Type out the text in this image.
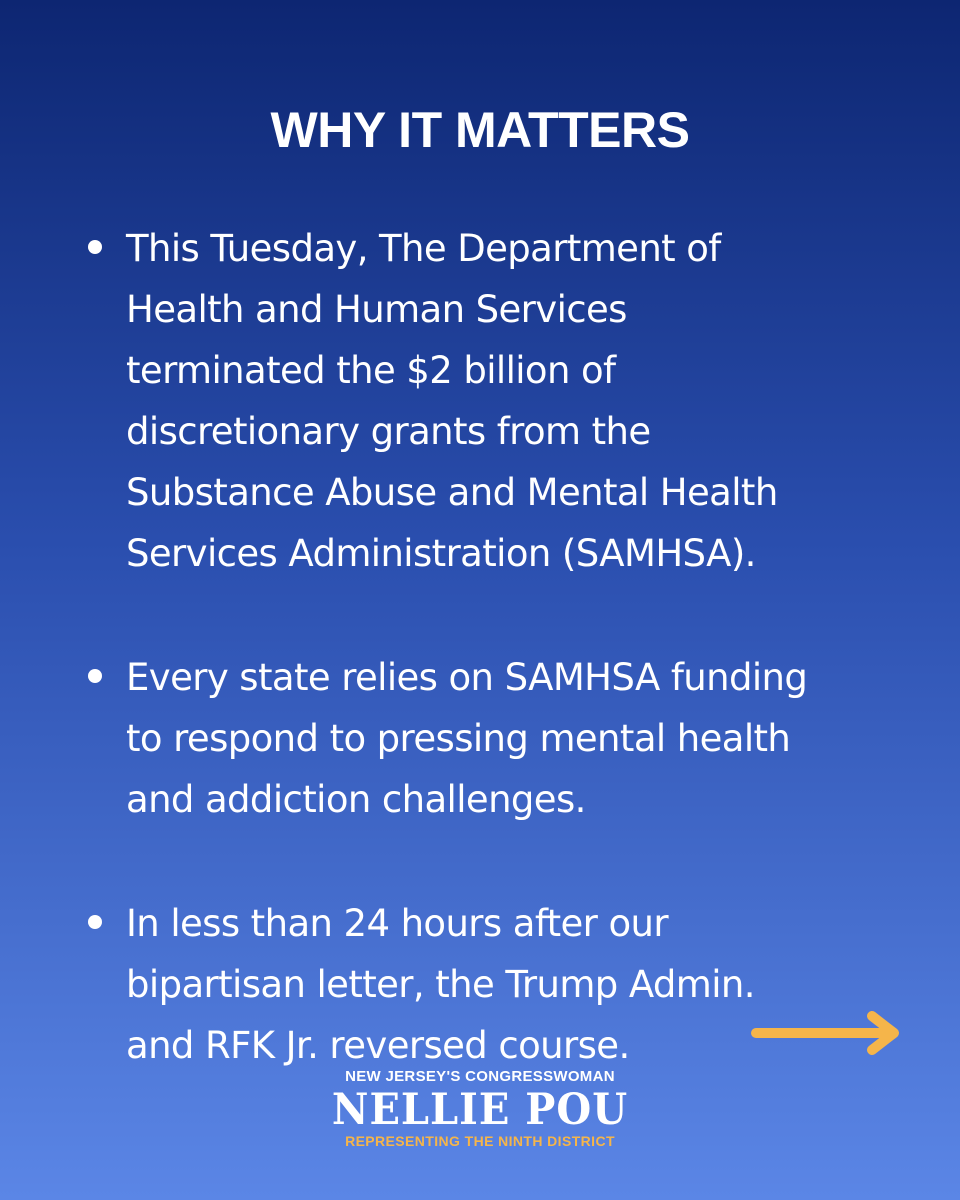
WHY IT MATTERS
This Tuesday, The Department of
Health and Human Services
terminated the $2 billion of
discretionary grants from the
Substance Abuse and Mental Health
Services Administration (SAMHSA).
Every state relies on SAMHSA funding
to respond to pressing mental health
and addiction challenges.
In less than 24 hours after our
bipartisan letter, the Trump Admin.
and RFK Jr. reversed course.
NEW JERSEY'S CONGRESSWOMAN
NELLIE POU
REPRESENTING THE NINTH DISTRICT
